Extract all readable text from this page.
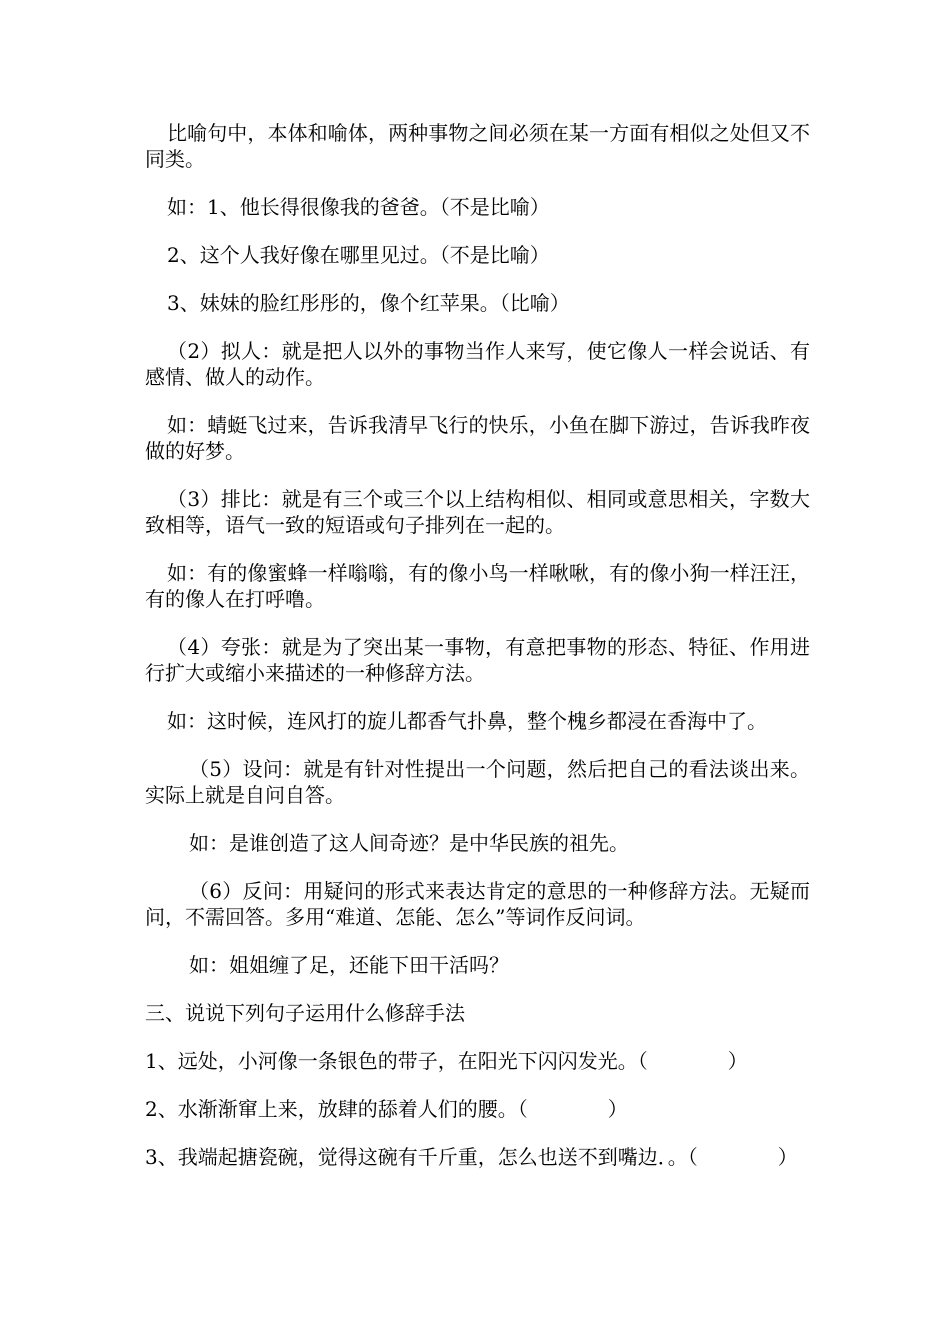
比喻句中，本体和喻体，两种事物之间必须在某一方面有相似之处但又不同类。

如：1、他长得很像我的爸爸。（不是比喻）

2、这个人我好像在哪里见过。（不是比喻）

3、妹妹的脸红彤彤的，像个红苹果。（比喻）

（2）拟人：就是把人以外的事物当作人来写，使它像人一样会说话、有感情、做人的动作。

如：蜻蜓飞过来，告诉我清早飞行的快乐，小鱼在脚下游过，告诉我昨夜做的好梦。

（3）排比：就是有三个或三个以上结构相似、相同或意思相关，字数大致相等，语气一致的短语或句子排列在一起的。

如：有的像蜜蜂一样嗡嗡，有的像小鸟一样啾啾，有的像小狗一样汪汪，有的像人在打呼噜。

（4）夸张：就是为了突出某一事物，有意把事物的形态、特征、作用进行扩大或缩小来描述的一种修辞方法。

如：这时候，连风打的旋儿都香气扑鼻，整个槐乡都浸在香海中了。

（5）设问：就是有针对性提出一个问题，然后把自己的看法谈出来。实际上就是自问自答。

如：是谁创造了这人间奇迹？是中华民族的祖先。

（6）反问：用疑问的形式来表达肯定的意思的一种修辞方法。无疑而问，不需回答。多用“难道、怎能、怎么”等词作反问词。

如：姐姐缠了足，还能下田干活吗？

三、说说下列句子运用什么修辞手法

1、远处，小河像一条银色的带子，在阳光下闪闪发光。（　　　　）

2、水渐渐窜上来，放肆的舔着人们的腰。（　　　　）

3、我端起搪瓷碗，觉得这碗有千斤重，怎么也送不到嘴边．。（　　　　）
